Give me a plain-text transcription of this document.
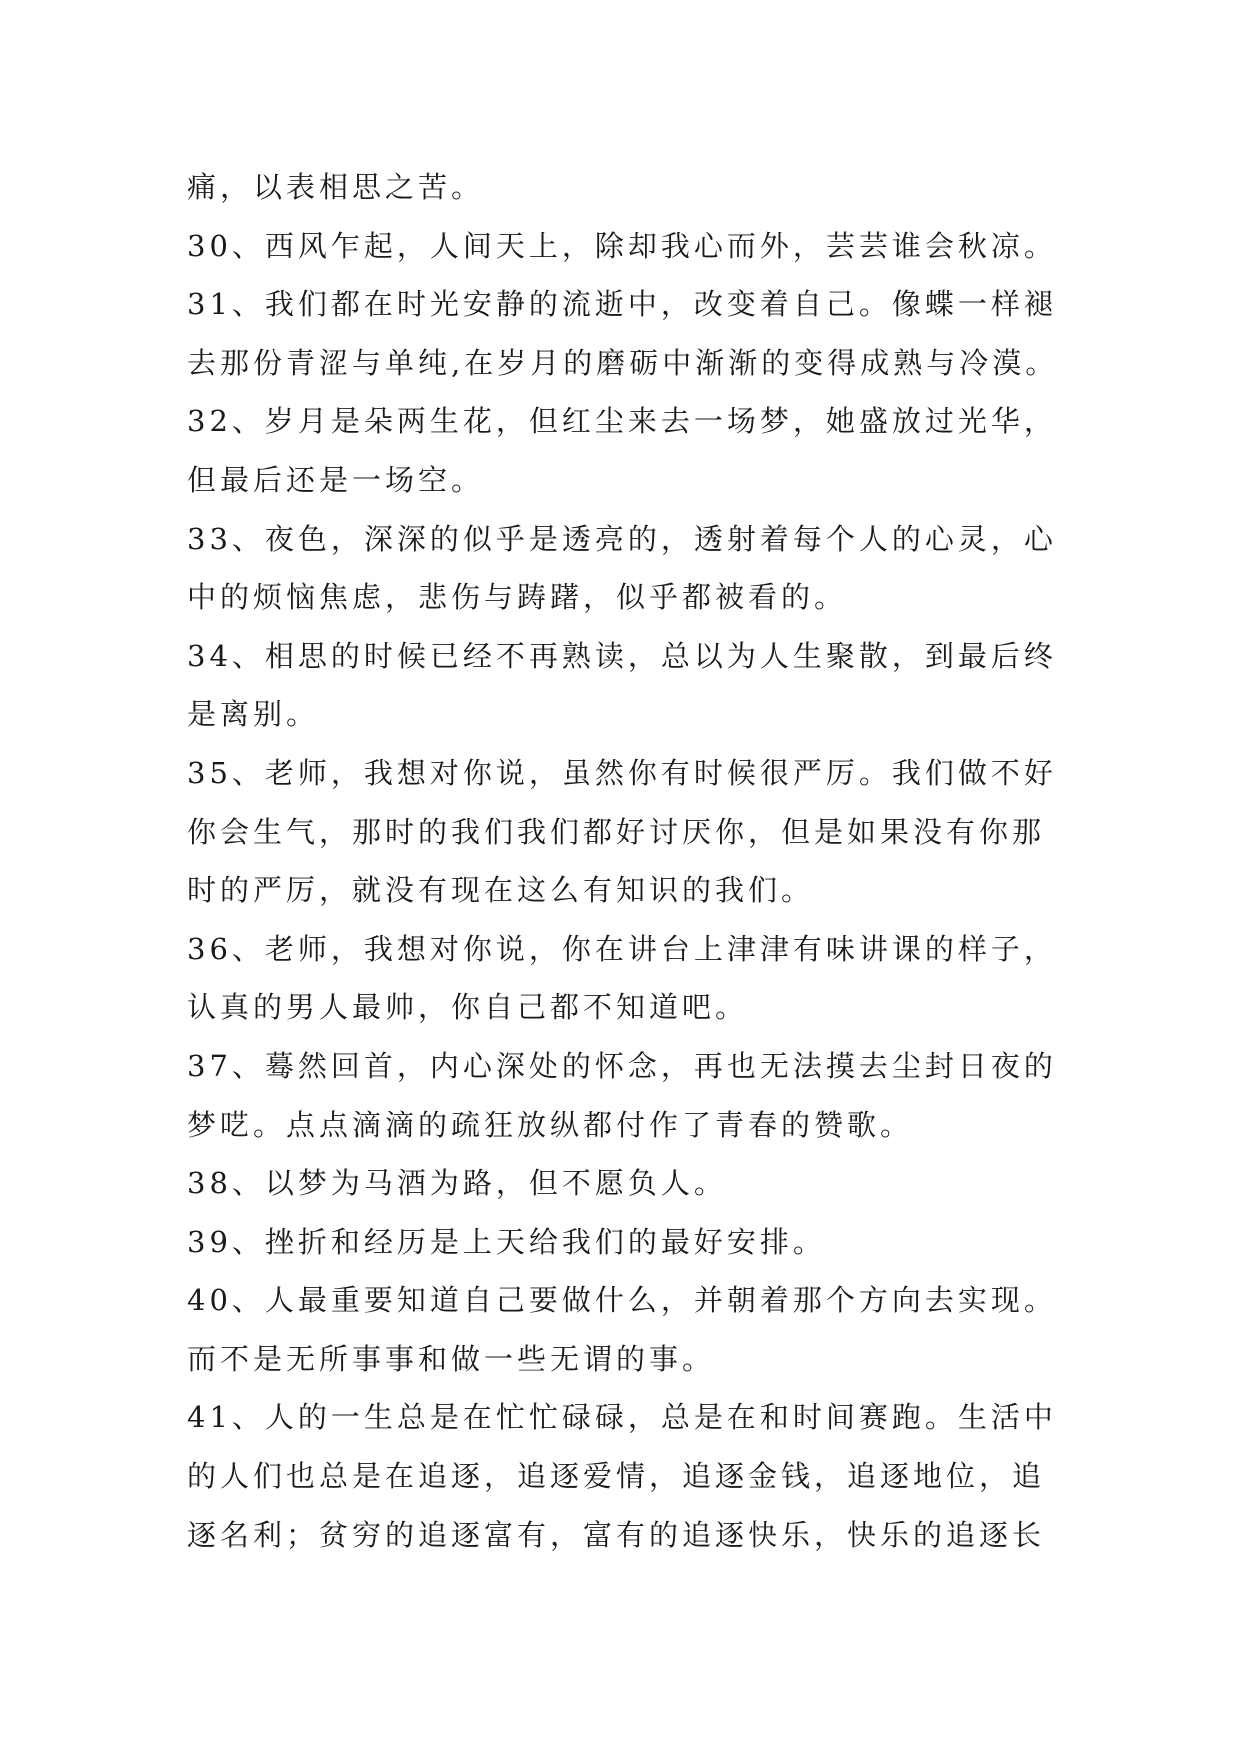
痛，以表相思之苦。
30、西风乍起，人间天上，除却我心而外，芸芸谁会秋凉。
31、我们都在时光安静的流逝中，改变着自己。像蝶一样褪
去那份青涩与单纯,在岁月的磨砺中渐渐的变得成熟与冷漠。
32、岁月是朵两生花，但红尘来去一场梦，她盛放过光华，
但最后还是一场空。
33、夜色，深深的似乎是透亮的，透射着每个人的心灵，心
中的烦恼焦虑，悲伤与踌躇，似乎都被看的。
34、相思的时候已经不再熟读，总以为人生聚散，到最后终
是离别。
35、老师，我想对你说，虽然你有时候很严厉。我们做不好
你会生气，那时的我们我们都好讨厌你，但是如果没有你那
时的严厉，就没有现在这么有知识的我们。
36、老师，我想对你说，你在讲台上津津有味讲课的样子，
认真的男人最帅，你自己都不知道吧。
37、蓦然回首，内心深处的怀念，再也无法摸去尘封日夜的
梦呓。点点滴滴的疏狂放纵都付作了青春的赞歌。
38、以梦为马酒为路，但不愿负人。
39、挫折和经历是上天给我们的最好安排。
40、人最重要知道自己要做什么，并朝着那个方向去实现。
而不是无所事事和做一些无谓的事。
41、人的一生总是在忙忙碌碌，总是在和时间赛跑。生活中
的人们也总是在追逐，追逐爱情，追逐金钱，追逐地位，追
逐名利；贫穷的追逐富有，富有的追逐快乐，快乐的追逐长
